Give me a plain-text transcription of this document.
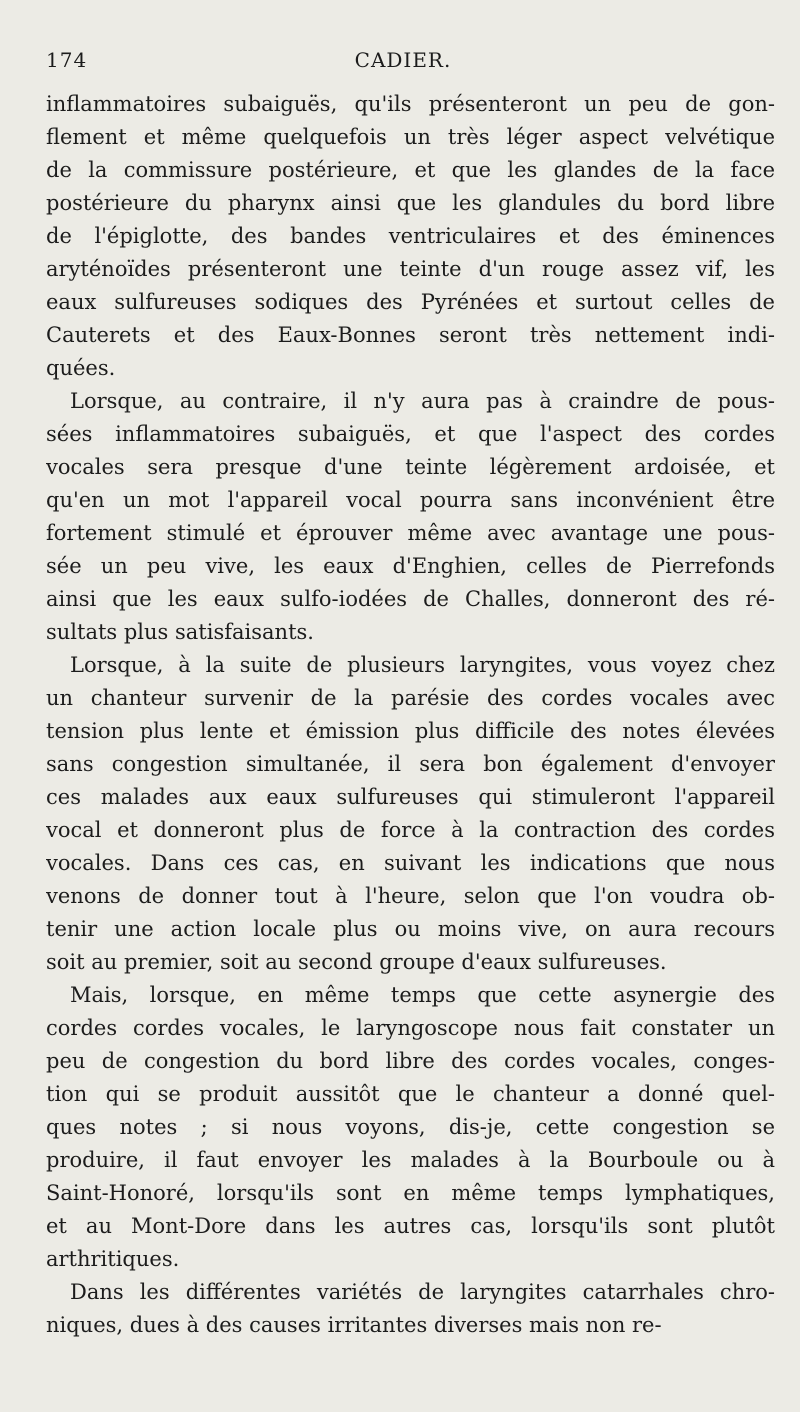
174	CADIER.
inflammatoires subaiguës, qu'ils présenteront un peu de gon-
flement et même quelquefois un très léger aspect velvétique
de la commissure postérieure, et que les glandes de la face
postérieure du pharynx ainsi que les glandules du bord libre
de l'épiglotte, des bandes ventriculaires et des éminences
aryténoïdes présenteront une teinte d'un rouge assez vif, les
eaux sulfureuses sodiques des Pyrénées et surtout celles de
Cauterets et des Eaux-Bonnes seront très nettement indi-
quées.
Lorsque, au contraire, il n'y aura pas à craindre de pous-
sées inflammatoires subaiguës, et que l'aspect des cordes
vocales sera presque d'une teinte légèrement ardoisée, et
qu'en un mot l'appareil vocal pourra sans inconvénient être
fortement stimulé et éprouver même avec avantage une pous-
sée un peu vive, les eaux d'Enghien, celles de Pierrefonds
ainsi que les eaux sulfo-iodées de Challes, donneront des ré-
sultats plus satisfaisants.
Lorsque, à la suite de plusieurs laryngites, vous voyez chez
un chanteur survenir de la parésie des cordes vocales avec
tension plus lente et émission plus difficile des notes élevées
sans congestion simultanée, il sera bon également d'envoyer
ces malades aux eaux sulfureuses qui stimuleront l'appareil
vocal et donneront plus de force à la contraction des cordes
vocales. Dans ces cas, en suivant les indications que nous
venons de donner tout à l'heure, selon que l'on voudra ob-
tenir une action locale plus ou moins vive, on aura recours
soit au premier, soit au second groupe d'eaux sulfureuses.
Mais, lorsque, en même temps que cette asynergie des
cordes cordes vocales, le laryngoscope nous fait constater un
peu de congestion du bord libre des cordes vocales, conges-
tion qui se produit aussitôt que le chanteur a donné quel-
ques notes ; si nous voyons, dis-je, cette congestion se
produire, il faut envoyer les malades à la Bourboule ou à
Saint-Honoré, lorsqu'ils sont en même temps lymphatiques,
et au Mont-Dore dans les autres cas, lorsqu'ils sont plutôt
arthritiques.
Dans les différentes variétés de laryngites catarrhales chro-
niques, dues à des causes irritantes diverses mais non re-
